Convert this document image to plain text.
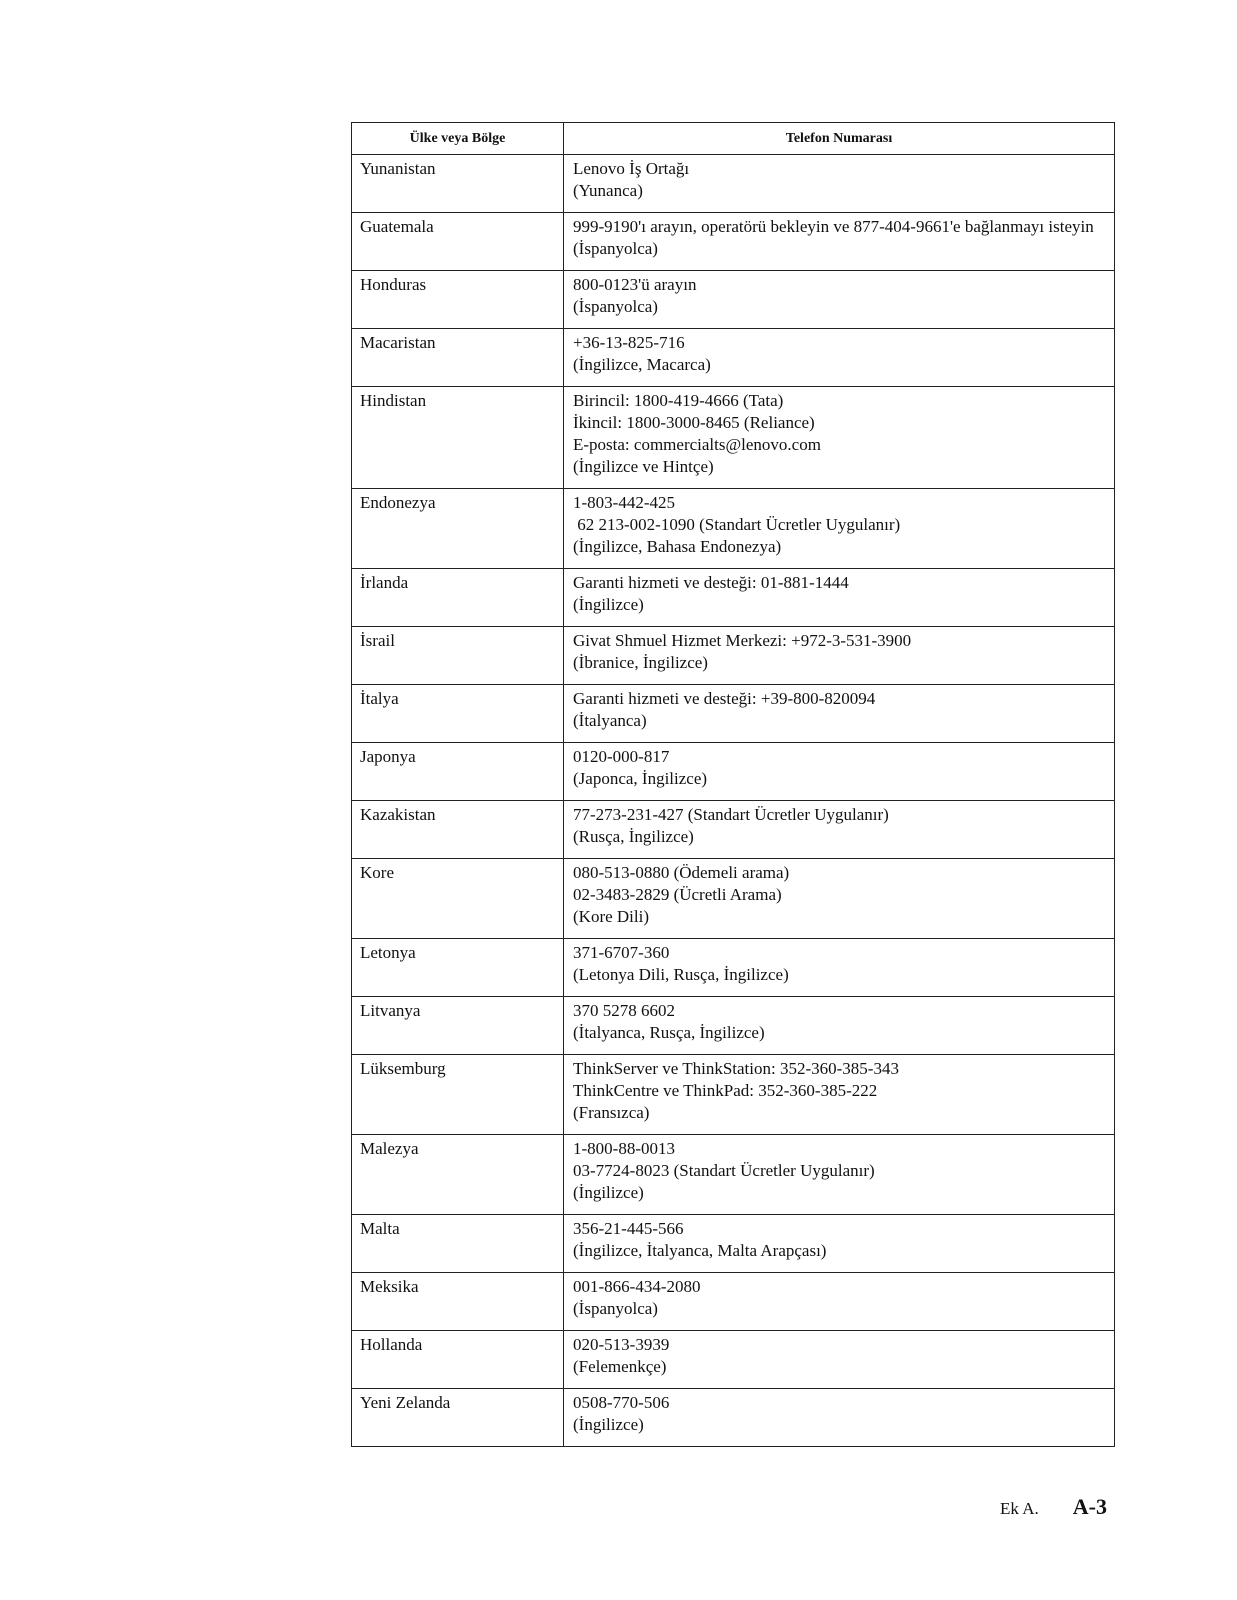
Ülke veya Bölge	Telefon Numarası
Yunanistan	Lenovo İş Ortağı
(Yunanca)

Guatemala	999-9190'ı arayın, operatörü bekleyin ve 877-404-9661'e bağlanmayı isteyin
(İspanyolca)

Honduras	800-0123'ü arayın
(İspanyolca)

Macaristan	+36-13-825-716
(İngilizce, Macarca)

Hindistan	Birincil: 1800-419-4666 (Tata)
İkincil: 1800-3000-8465 (Reliance)
E-posta: commercialts@lenovo.com
(İngilizce ve Hintçe)

Endonezya	1-803-442-425
62 213-002-1090 (Standart Ücretler Uygulanır)
(İngilizce, Bahasa Endonezya)

İrlanda	Garanti hizmeti ve desteği: 01-881-1444
(İngilizce)

İsrail	Givat Shmuel Hizmet Merkezi: +972-3-531-3900
(İbranice, İngilizce)

İtalya	Garanti hizmeti ve desteği: +39-800-820094
(İtalyanca)

Japonya	0120-000-817
(Japonca, İngilizce)

Kazakistan	77-273-231-427 (Standart Ücretler Uygulanır)
(Rusça, İngilizce)

Kore	080-513-0880 (Ödemeli arama)
02-3483-2829 (Ücretli Arama)
(Kore Dili)

Letonya	371-6707-360
(Letonya Dili, Rusça, İngilizce)

Litvanya	370 5278 6602
(İtalyanca, Rusça, İngilizce)

Lüksemburg	ThinkServer ve ThinkStation: 352-360-385-343
ThinkCentre ve ThinkPad: 352-360-385-222
(Fransızca)

Malezya	1-800-88-0013
03-7724-8023 (Standart Ücretler Uygulanır)
(İngilizce)

Malta	356-21-445-566
(İngilizce, İtalyanca, Malta Arapçası)

Meksika	001-866-434-2080
(İspanyolca)

Hollanda	020-513-3939
(Felemenkçe)

Yeni Zelanda	0508-770-506
(İngilizce)
Ek A. A-3
